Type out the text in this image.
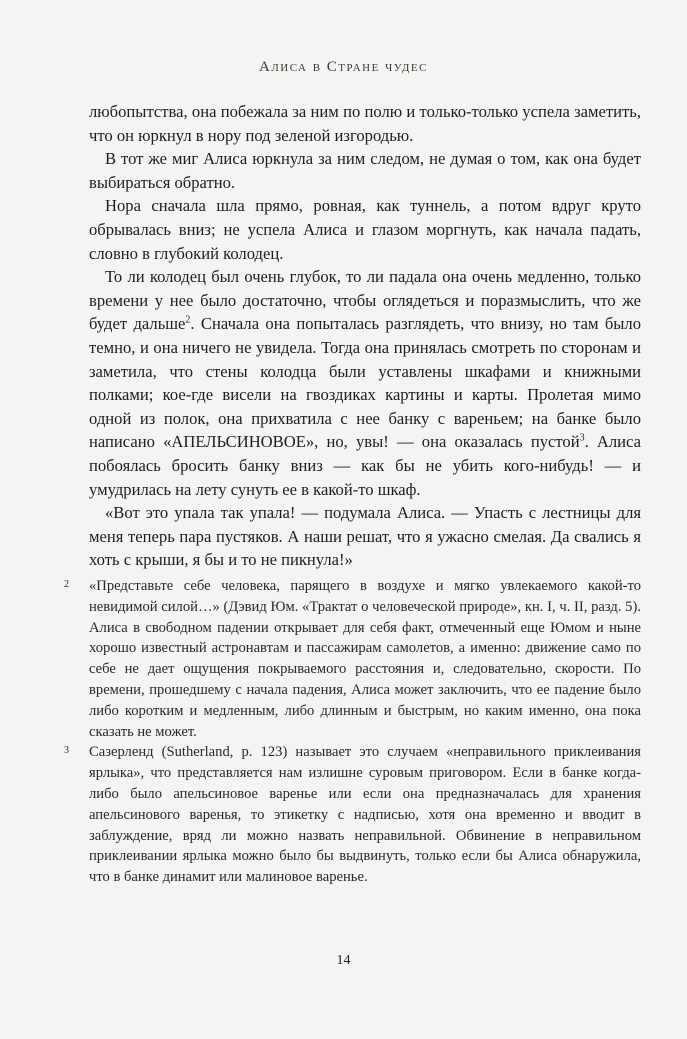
Алиса в Стране чудес

любопытства, она побежала за ним по полю и только-только успела заметить, что он юркнул в нору под зеленой изгородью.

В тот же миг Алиса юркнула за ним следом, не думая о том, как она будет выбираться обратно.

Нора сначала шла прямо, ровная, как туннель, а потом вдруг круто обрывалась вниз; не успела Алиса и глазом моргнуть, как начала падать, словно в глубокий колодец.

То ли колодец был очень глубок, то ли падала она очень медленно, только времени у нее было достаточно, чтобы оглядеться и поразмыслить, что же будет дальше$^2$. Сначала она попыталась разглядеть, что внизу, но там было темно, и она ничего не увидела. Тогда она принялась смотреть по сторонам и заметила, что стены колодца были уставлены шкафами и книжными полками; кое-где висели на гвоздиках картины и карты. Пролетая мимо одной из полок, она прихватила с нее банку с вареньем; на банке было написано «АПЕЛЬСИНОВОЕ», но, увы! — она оказалась пустой$^3$. Алиса побоялась бросить банку вниз — как бы не убить кого-нибудь! — и умудрилась на лету сунуть ее в какой-то шкаф.

«Вот это упала так упала! — подумала Алиса. — Упасть с лестницы для меня теперь пара пустяков. А наши решат, что я ужасно смелая. Да свались я хоть с крыши, я бы и то не пикнула!»

2 «Представьте себе человека, парящего в воздухе и мягко увлекаемого какой-то невидимой силой…» (Дэвид Юм. «Трактат о человеческой природе», кн. I, ч. II, разд. 5). Алиса в свободном падении открывает для себя факт, отмеченный еще Юмом и ныне хорошо известный астронавтам и пассажирам самолетов, а именно: движение само по себе не дает ощущения покрываемого расстояния и, следовательно, скорости. По времени, прошедшему с начала падения, Алиса может заключить, что ее падение было либо коротким и медленным, либо длинным и быстрым, но каким именно, она пока сказать не может.
3 Сазерленд (Sutherland, p. 123) называет это случаем «неправильного приклеивания ярлыка», что представляется нам излишне суровым приговором. Если в банке когда-либо было апельсиновое варенье или если она предназначалась для хранения апельсинового варенья, то этикетку с надписью, хотя она временно и вводит в заблуждение, вряд ли можно назвать неправильной. Обвинение в неправильном приклеивании ярлыка можно было бы выдвинуть, только если бы Алиса обнаружила, что в банке динамит или малиновое варенье.
14
